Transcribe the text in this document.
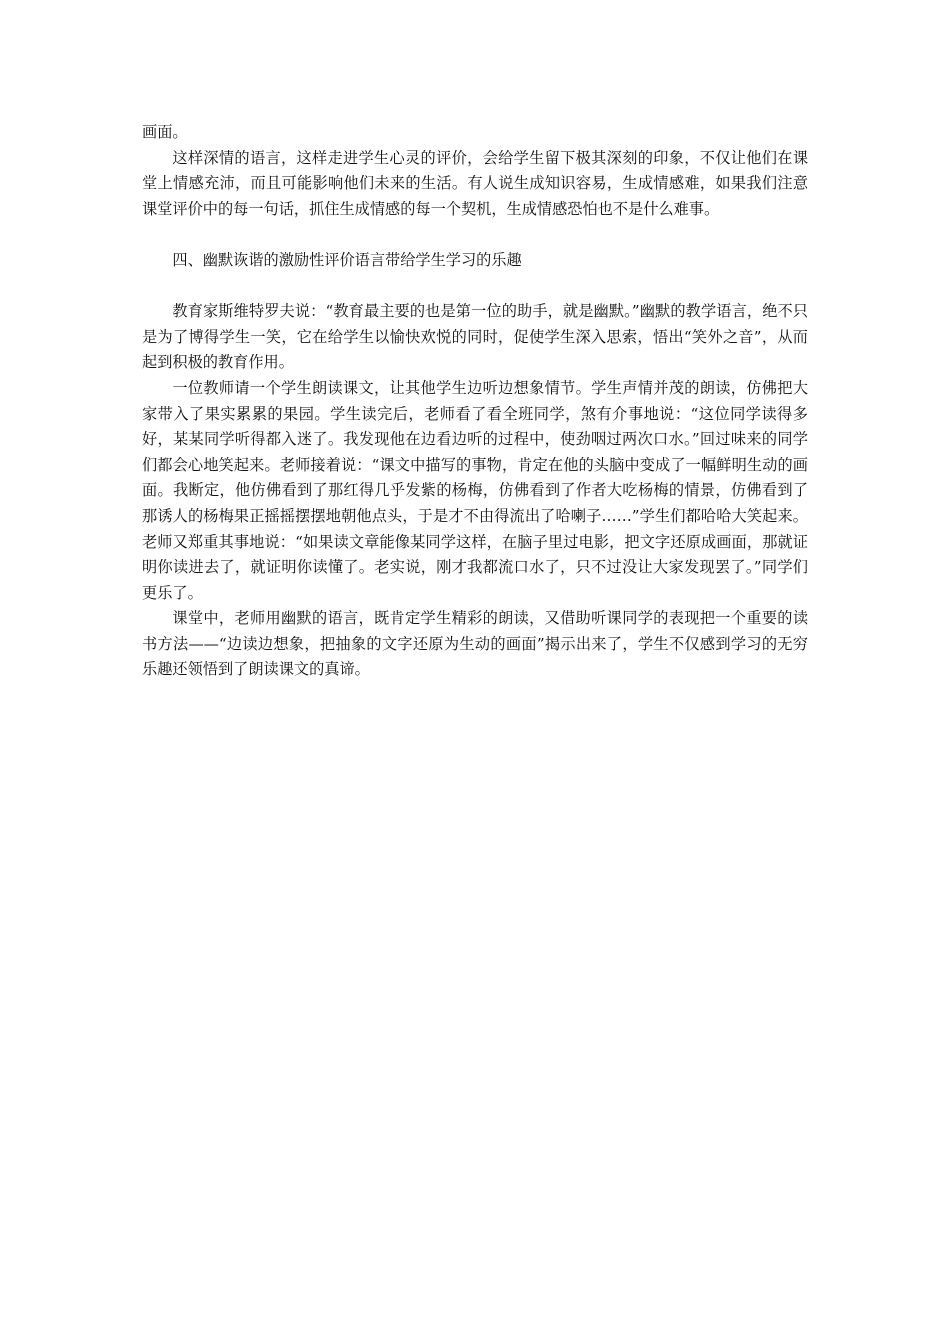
画面。

这样深情的语言，这样走进学生心灵的评价，会给学生留下极其深刻的印象，不仅让他们在课堂上情感充沛，而且可能影响他们未来的生活。有人说生成知识容易，生成情感难，如果我们注意课堂评价中的每一句话，抓住生成情感的每一个契机，生成情感恐怕也不是什么难事。

四、幽默诙谐的激励性评价语言带给学生学习的乐趣

教育家斯维特罗夫说：“教育最主要的也是第一位的助手，就是幽默。”幽默的教学语言，绝不只是为了博得学生一笑，它在给学生以愉快欢悦的同时，促使学生深入思索，悟出“笑外之音”，从而起到积极的教育作用。

一位教师请一个学生朗读课文，让其他学生边听边想象情节。学生声情并茂的朗读，仿佛把大家带入了果实累累的果园。学生读完后，老师看了看全班同学，煞有介事地说：“这位同学读得多好，某某同学听得都入迷了。我发现他在边看边听的过程中，使劲咽过两次口水。”回过味来的同学们都会心地笑起来。老师接着说：“课文中描写的事物，肯定在他的头脑中变成了一幅鲜明生动的画面。我断定，他仿佛看到了那红得几乎发紫的杨梅，仿佛看到了作者大吃杨梅的情景，仿佛看到了那诱人的杨梅果正摇摇摆摆地朝他点头，于是才不由得流出了哈喇子……”学生们都哈哈大笑起来。老师又郑重其事地说：“如果读文章能像某同学这样，在脑子里过电影，把文字还原成画面，那就证明你读进去了，就证明你读懂了。老实说，刚才我都流口水了，只不过没让大家发现罢了。”同学们更乐了。

课堂中，老师用幽默的语言，既肯定学生精彩的朗读，又借助听课同学的表现把一个重要的读书方法——“边读边想象，把抽象的文字还原为生动的画面”揭示出来了，学生不仅感到学习的无穷乐趣还领悟到了朗读课文的真谛。
